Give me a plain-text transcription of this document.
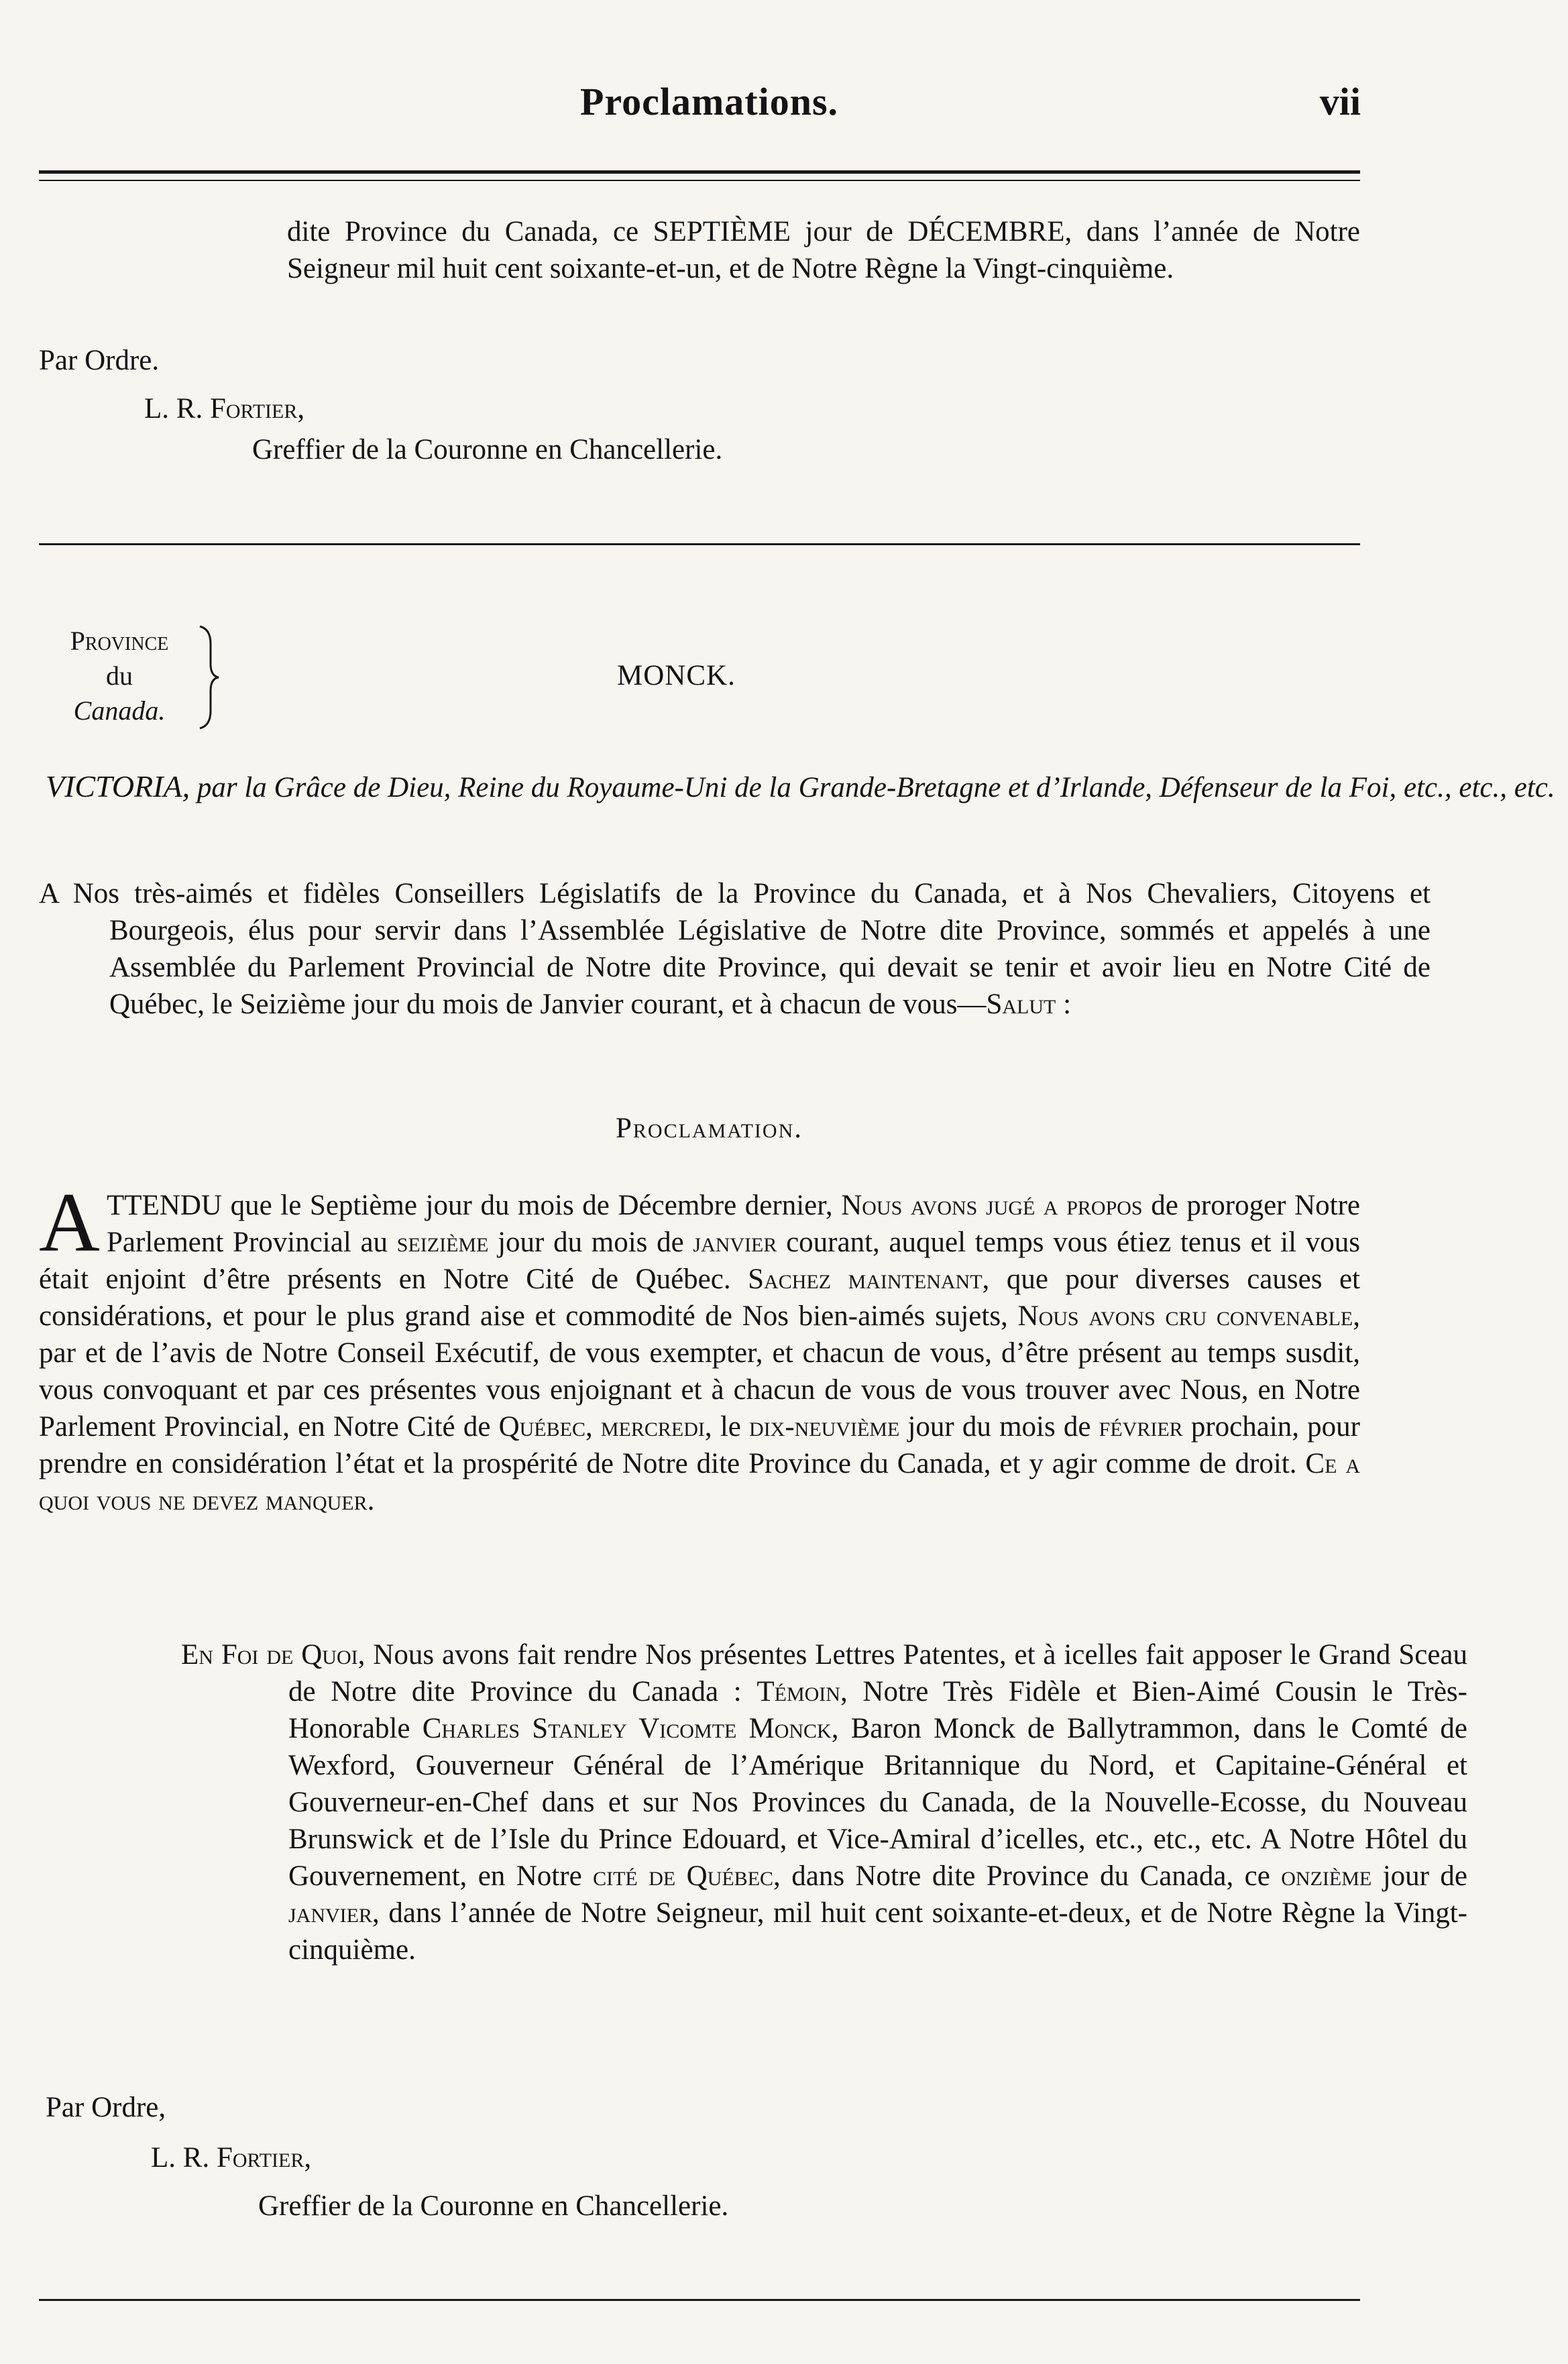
Proclamations.	vii
dite Province du Canada, ce SEPTIÈME jour de DÉCEMBRE, dans l’année de Notre Seigneur mil huit cent soixante-et-un, et de Notre Règne la Vingt-cinquième.
Par Ordre.
L. R. Fortier,
Greffier de la Couronne en Chancellerie.
Province
du
Canada.
MONCK.
VICTORIA, par la Grâce de Dieu, Reine du Royaume-Uni de la Grande-Bretagne et d’Irlande, Défenseur de la Foi, etc., etc., etc.
A Nos très-aimés et fidèles Conseillers Législatifs de la Province du Canada, et à Nos Chevaliers, Citoyens et Bourgeois, élus pour servir dans l’Assemblée Législative de Notre dite Province, sommés et appelés à une Assemblée du Parlement Provincial de Notre dite Province, qui devait se tenir et avoir lieu en Notre Cité de Québec, le Seizième jour du mois de Janvier courant, et à chacun de vous—Salut :
Proclamation.
ATTENDU que le Septième jour du mois de Décembre dernier, Nous avons jugé a propos de proroger Notre Parlement Provincial au seizième jour du mois de janvier courant, auquel temps vous étiez tenus et il vous était enjoint d’être présents en Notre Cité de Québec. Sachez maintenant, que pour diverses causes et considérations, et pour le plus grand aise et commodité de Nos bien-aimés sujets, Nous avons cru convenable, par et de l’avis de Notre Conseil Exécutif, de vous exempter, et chacun de vous, d’être présent au temps susdit, vous convoquant et par ces présentes vous enjoignant et à chacun de vous de vous trouver avec Nous, en Notre Parlement Provincial, en Notre Cité de Québec, mercredi, le dix-neuvième jour du mois de février prochain, pour prendre en considération l’état et la prospérité de Notre dite Province du Canada, et y agir comme de droit. Ce a quoi vous ne devez manquer.
En Foi de Quoi, Nous avons fait rendre Nos présentes Lettres Patentes, et à icelles fait apposer le Grand Sceau de Notre dite Province du Canada : Témoin, Notre Très Fidèle et Bien-Aimé Cousin le Très-Honorable Charles Stanley Vicomte Monck, Baron Monck de Ballytrammon, dans le Comté de Wexford, Gouverneur Général de l’Amérique Britannique du Nord, et Capitaine-Général et Gouverneur-en-Chef dans et sur Nos Provinces du Canada, de la Nouvelle-Ecosse, du Nouveau Brunswick et de l’Isle du Prince Edouard, et Vice-Amiral d’icelles, etc., etc., etc. A Notre Hôtel du Gouvernement, en Notre cité de Québec, dans Notre dite Province du Canada, ce onzième jour de janvier, dans l’année de Notre Seigneur, mil huit cent soixante-et-deux, et de Notre Règne la Vingt-cinquième.
Par Ordre,
L. R. Fortier,
Greffier de la Couronne en Chancellerie.
